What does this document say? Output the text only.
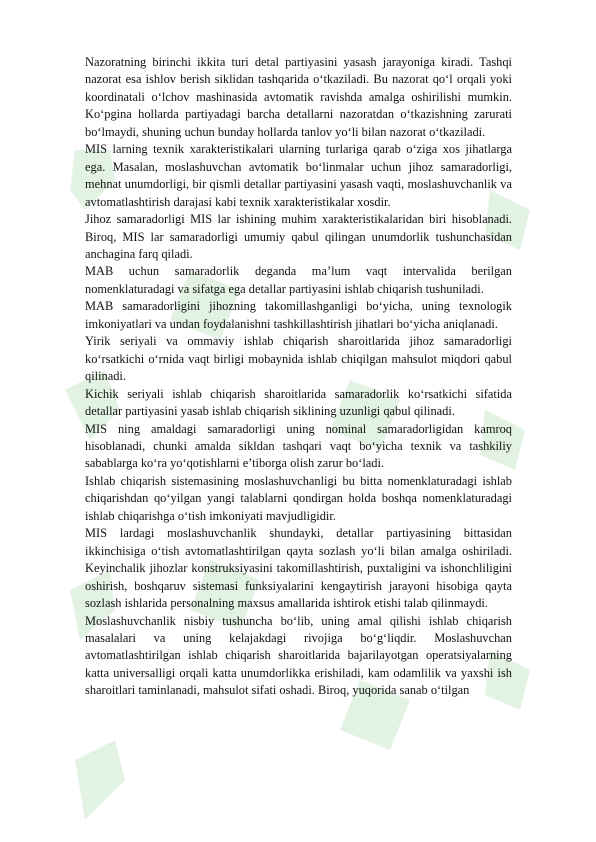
Nazoratning birinchi ikkita turi detal partiyasini yasash jarayoniga kiradi. Tashqi nazorat esa ishlov berish siklidan tashqarida o‘tkaziladi. Bu nazorat qo‘l orqali yoki koordinatali o‘lchov mashinasida avtomatik ravishda amalga oshirilishi mumkin. Ko‘pgina hollarda partiyadagi barcha detallarni nazoratdan o‘tkazishning zarurati bo‘lmaydi, shuning uchun bunday hollarda tanlov yo‘li bilan nazorat o‘tkaziladi.

MIS larning texnik xarakteristikalari ularning turlariga qarab o‘ziga xos jihatlarga ega. Masalan, moslashuvchan avtomatik bo‘linmalar uchun jihoz samaradorligi, mehnat unumdorligi, bir qismli detallar partiyasini yasash vaqti, moslashuvchanlik va avtomatlashtirish darajasi kabi texnik xarakteristikalar xosdir.

Jihoz samaradorligi MIS lar ishining muhim xarakteristikalaridan biri hisoblanadi. Biroq, MIS lar samaradorligi umumiy qabul qilingan unumdorlik tushunchasidan anchagina farq qiladi.

MAB uchun samaradorlik deganda ma’lum vaqt intervalida berilgan nomenklaturadagi va sifatga ega detallar partiyasini ishlab chiqarish tushuniladi.

MAB samaradorligini jihozning takomillashganligi bo‘yicha, uning texnologik imkoniyatlari va undan foydalanishni tashkillashtirish jihatlari bo‘yicha aniqlanadi.

Yirik seriyali va ommaviy ishlab chiqarish sharoitlarida jihoz samaradorligi ko‘rsatkichi o‘rnida vaqt birligi mobaynida ishlab chiqilgan mahsulot miqdori qabul qilinadi.

Kichik seriyali ishlab chiqarish sharoitlarida samaradorlik ko‘rsatkichi sifatida detallar partiyasini yasab ishlab chiqarish siklining uzunligi qabul qilinadi.

MIS ning amaldagi samaradorligi uning nominal samaradorligidan kamroq hisoblanadi, chunki amalda sikldan tashqari vaqt bo‘yicha texnik va tashkiliy sabablarga ko‘ra yo‘qotishlarni e’tiborga olish zarur bo‘ladi.

Ishlab chiqarish sistemasining moslashuvchanligi bu bitta nomenklaturadagi ishlab chiqarishdan qo‘yilgan yangi talablarni qondirgan holda boshqa nomenklaturadagi ishlab chiqarishga o‘tish imkoniyati mavjudligidir.

MIS lardagi moslashuvchanlik shundayki, detallar partiyasining bittasidan ikkinchisiga o‘tish avtomatlashtirilgan qayta sozlash yo‘li bilan amalga oshiriladi. Keyinchalik jihozlar konstruksiyasini takomillashtirish, puxtaligini va ishonchliligini oshirish, boshqaruv sistemasi funksiyalarini kengaytirish jarayoni hisobiga qayta sozlash ishlarida personalning maxsus amallarida ishtirok etishi talab qilinmaydi.

Moslashuvchanlik nisbiy tushuncha bo‘lib, uning amal qilishi ishlab chiqarish masalalari va uning kelajakdagi rivojiga bo‘g‘liqdir. Moslashuvchan avtomatlashtirilgan ishlab chiqarish sharoitlarida bajarilayotgan operatsiyalarning katta universalligi orqali katta unumdorlikka erishiladi, kam odamlilik va yaxshi ish sharoitlari taminlanadi, mahsulot sifati oshadi. Biroq, yuqorida sanab o‘tilgan
